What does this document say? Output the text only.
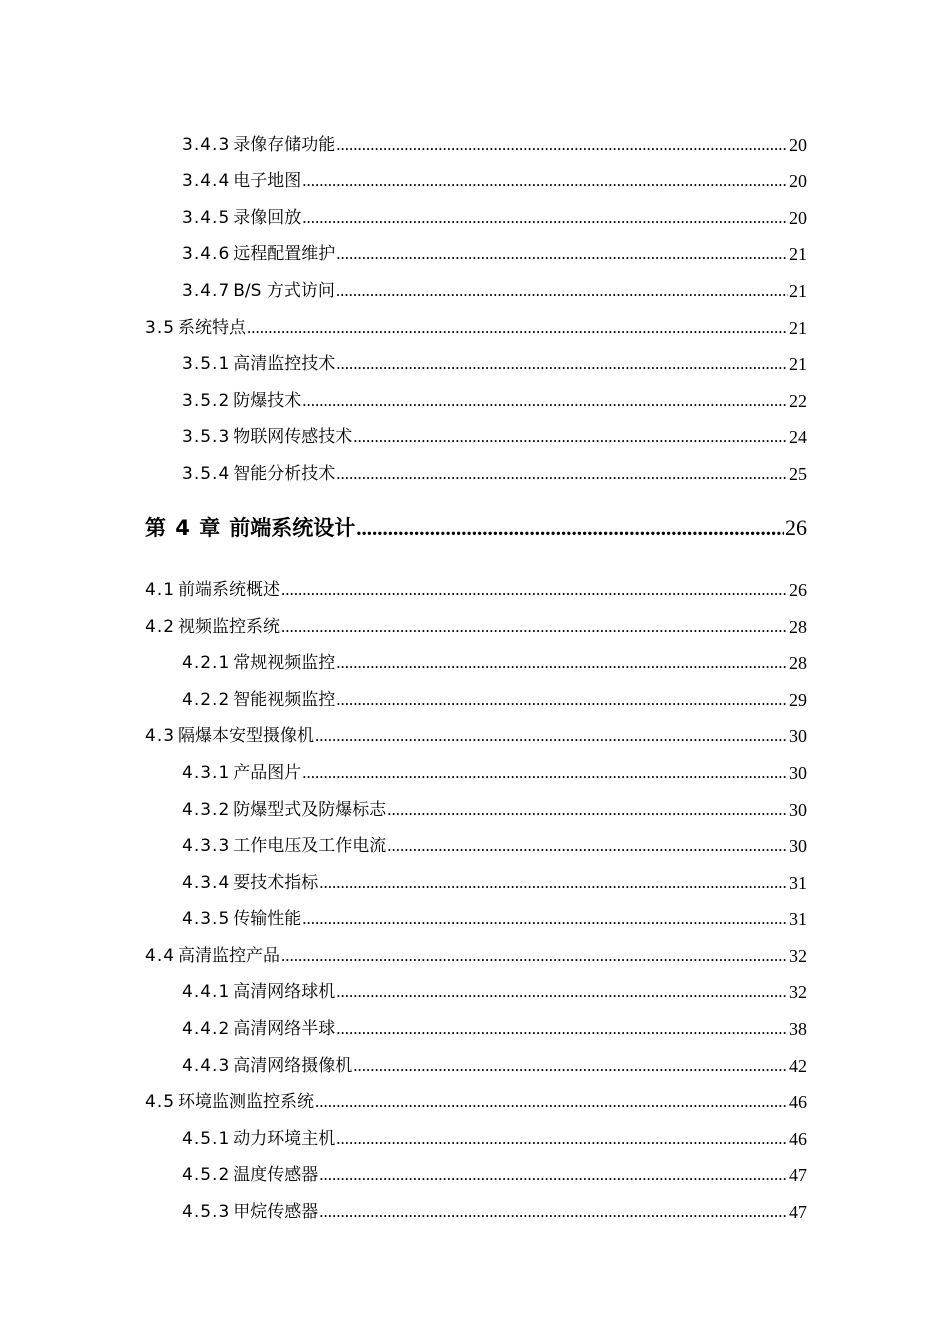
3.4.3 录像存储功能 .....	20
3.4.4 电子地图 .....	20
3.4.5 录像回放 .....	20
3.4.6 远程配置维护 .....	21
3.4.7 B/S 方式访问 .....	21
3.5 系统特点 .....	21
3.5.1 高清监控技术 .....	21
3.5.2 防爆技术 .....	22
3.5.3 物联网传感技术 .....	24
3.5.4 智能分析技术 .....	25
第 4 章 前端系统设计 .....	26
4.1 前端系统概述 .....	26
4.2 视频监控系统 .....	28
4.2.1 常规视频监控 .....	28
4.2.2 智能视频监控 .....	29
4.3 隔爆本安型摄像机 .....	30
4.3.1 产品图片 .....	30
4.3.2 防爆型式及防爆标志 .....	30
4.3.3 工作电压及工作电流 .....	30
4.3.4 要技术指标 .....	31
4.3.5 传输性能 .....	31
4.4 高清监控产品 .....	32
4.4.1 高清网络球机 .....	32
4.4.2 高清网络半球 .....	38
4.4.3 高清网络摄像机 .....	42
4.5 环境监测监控系统 .....	46
4.5.1 动力环境主机 .....	46
4.5.2 温度传感器 .....	47
4.5.3 甲烷传感器 .....	47
